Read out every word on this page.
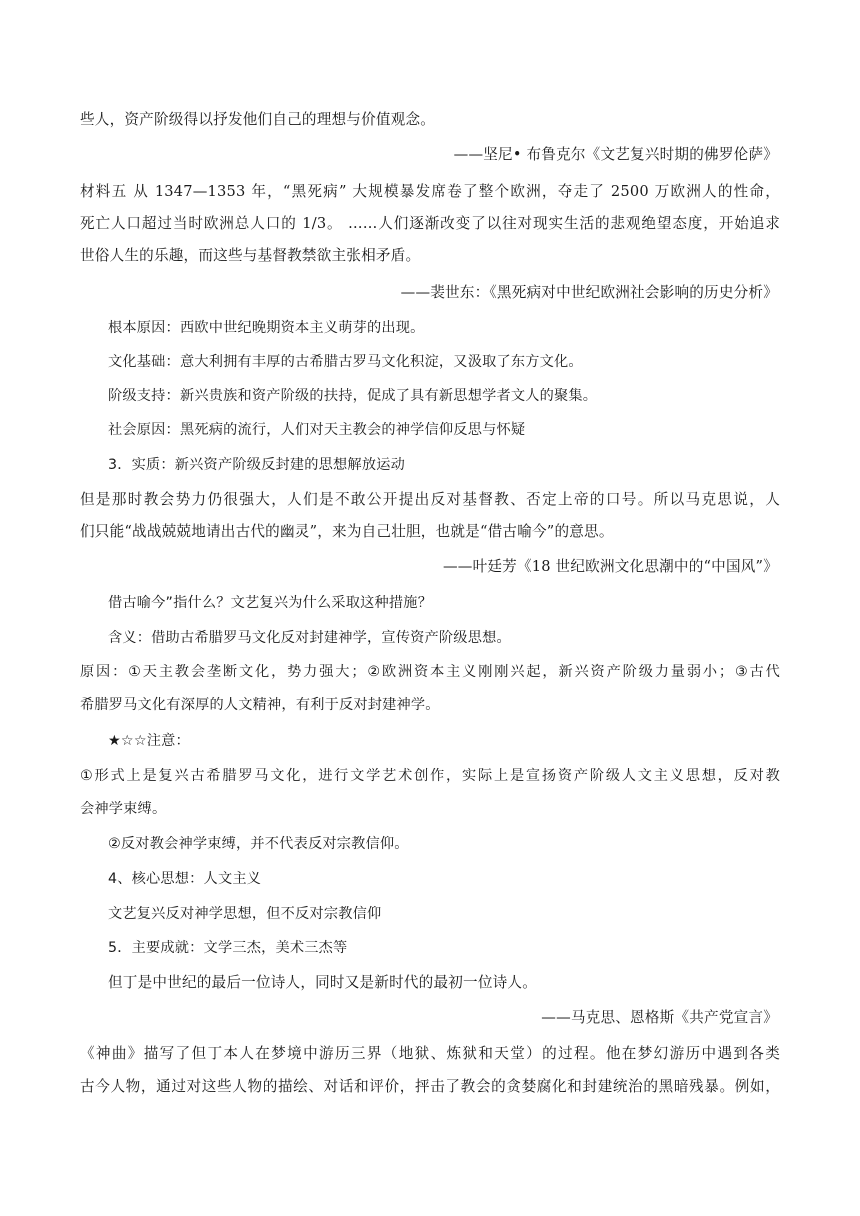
些人，资产阶级得以抒发他们自己的理想与价值观念。
——坚尼• 布鲁克尔《文艺复兴时期的佛罗伦萨》
材料五 从 1347—1353 年，“黑死病” 大规模暴发席卷了整个欧洲，夺走了 2500 万欧洲人的性命，
死亡人口超过当时欧洲总人口的 1/3。 ……人们逐渐改变了以往对现实生活的悲观绝望态度，开始追求
世俗人生的乐趣，而这些与基督教禁欲主张相矛盾。
——裴世东：《黑死病对中世纪欧洲社会影响的历史分析》
根本原因：西欧中世纪晚期资本主义萌芽的出现。
文化基础：意大利拥有丰厚的古希腊古罗马文化积淀，又汲取了东方文化。
阶级支持：新兴贵族和资产阶级的扶持，促成了具有新思想学者文人的聚集。
社会原因：黑死病的流行，人们对天主教会的神学信仰反思与怀疑
3．实质：新兴资产阶级反封建的思想解放运动
但是那时教会势力仍很强大，人们是不敢公开提出反对基督教、否定上帝的口号。所以马克思说，人
们只能“战战兢兢地请出古代的幽灵”，来为自己壮胆，也就是“借古喻今”的意思。
——叶廷芳《18 世纪欧洲文化思潮中的“中国风”》
借古喻今”指什么？文艺复兴为什么采取这种措施？
含义：借助古希腊罗马文化反对封建神学，宣传资产阶级思想。
原因：①天主教会垄断文化，势力强大；②欧洲资本主义刚刚兴起，新兴资产阶级力量弱小；③古代
希腊罗马文化有深厚的人文精神，有利于反对封建神学。
★☆☆注意：
①形式上是复兴古希腊罗马文化，进行文学艺术创作，实际上是宣扬资产阶级人文主义思想，反对教
会神学束缚。
②反对教会神学束缚，并不代表反对宗教信仰。
4、核心思想：人文主义
文艺复兴反对神学思想，但不反对宗教信仰
5．主要成就：文学三杰，美术三杰等
但丁是中世纪的最后一位诗人，同时又是新时代的最初一位诗人。
——马克思、恩格斯《共产党宣言》
《神曲》描写了但丁本人在梦境中游历三界（地狱、炼狱和天堂）的过程。他在梦幻游历中遇到各类
古今人物，通过对这些人物的描绘、对话和评价，抨击了教会的贪婪腐化和封建统治的黑暗残暴。例如，
